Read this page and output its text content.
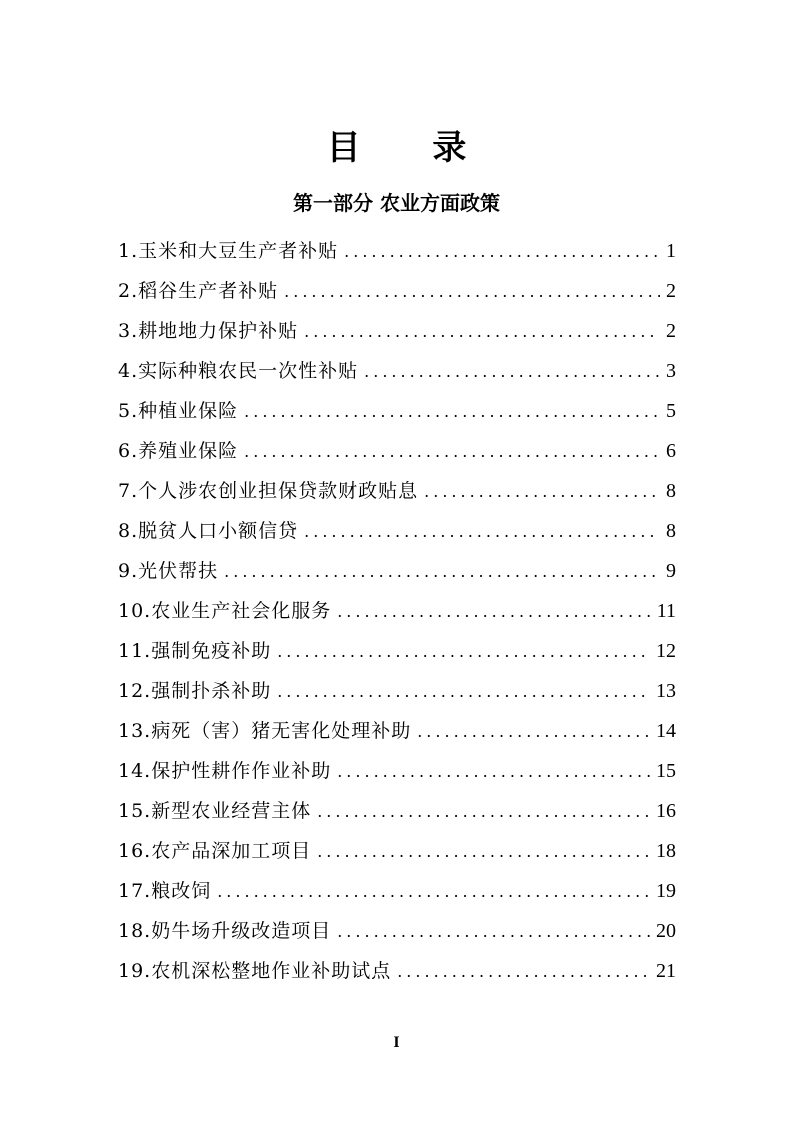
目 录
第一部分 农业方面政策
1.玉米和大豆生产者补贴 .....	1
2.稻谷生产者补贴 .....	2
3.耕地地力保护补贴 .....	2
4.实际种粮农民一次性补贴 .....	3
5.种植业保险 .....	5
6.养殖业保险 .....	6
7.个人涉农创业担保贷款财政贴息 .....	8
8.脱贫人口小额信贷 .....	8
9.光伏帮扶 .....	9
10.农业生产社会化服务 .....	11
11.强制免疫补助 .....	12
12.强制扑杀补助 .....	13
13.病死（害）猪无害化处理补助 .....	14
14.保护性耕作作业补助 .....	15
15.新型农业经营主体 .....	16
16.农产品深加工项目 .....	18
17.粮改饲 .....	19
18.奶牛场升级改造项目 .....	20
19.农机深松整地作业补助试点 .....	21
I
